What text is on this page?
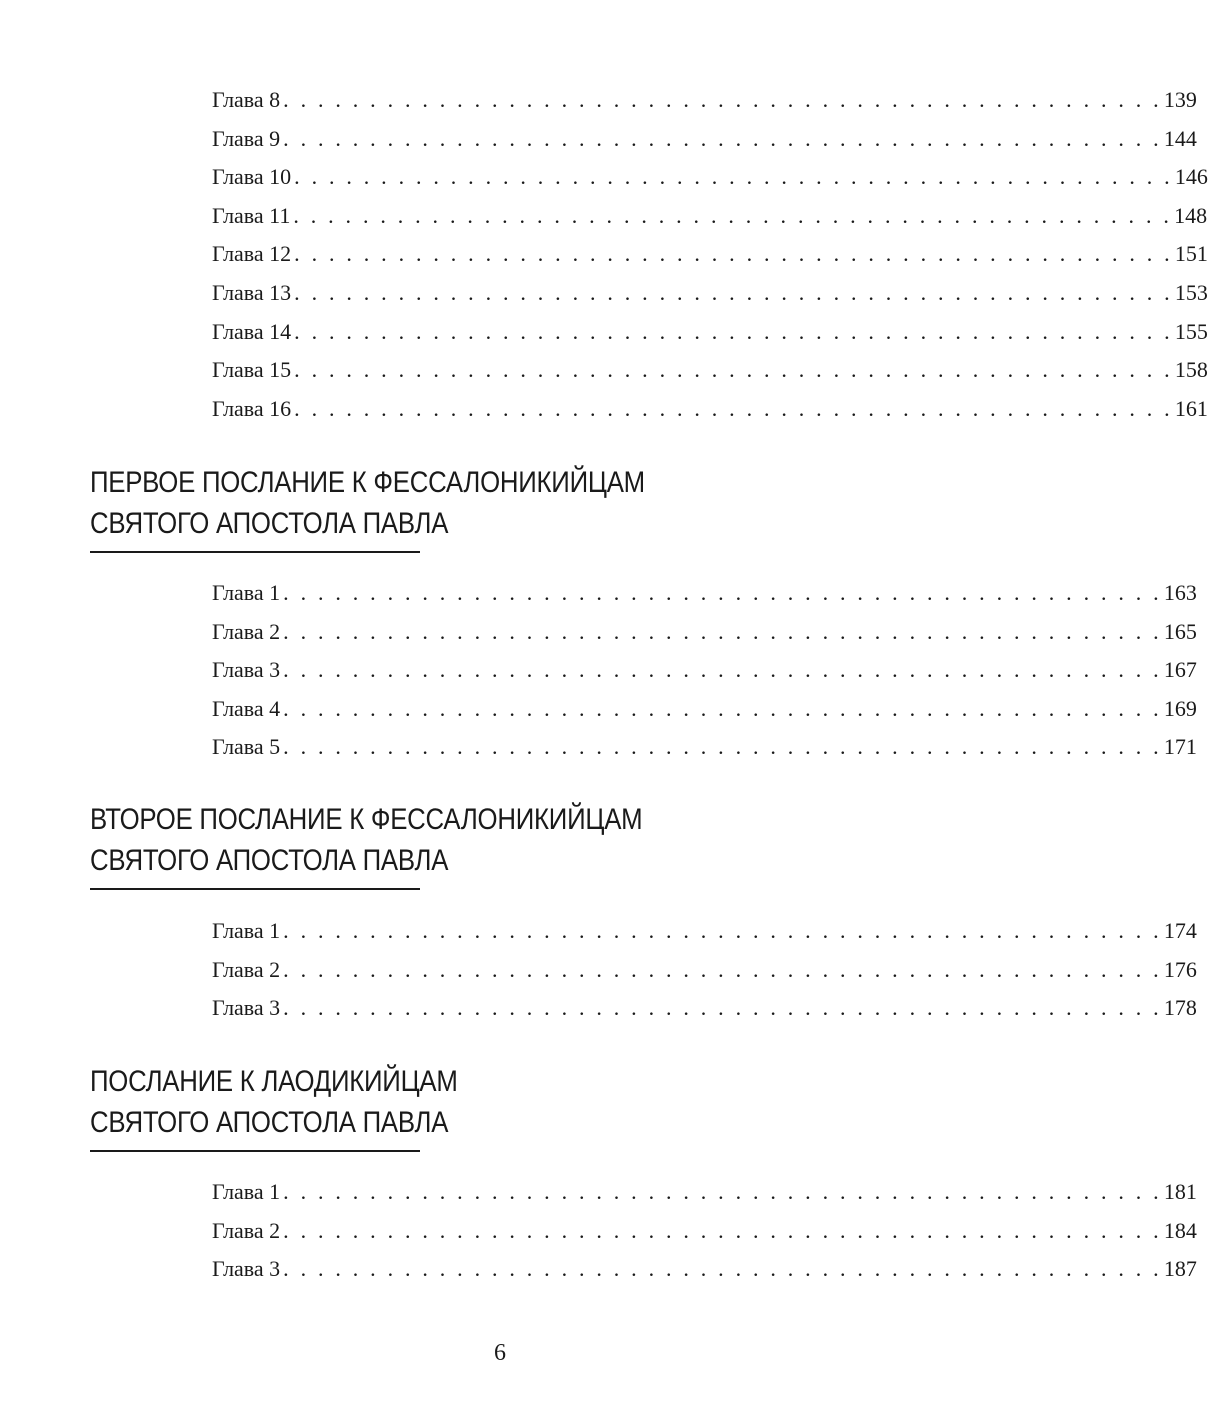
Глава 8 . . . . . . . . . . . . . . . . . . . . . . . . . . . . . . . . . . . . . . . . . . . . . . . . . . . 139
Глава 9 . . . . . . . . . . . . . . . . . . . . . . . . . . . . . . . . . . . . . . . . . . . . . . . . . . . 144
Глава 10 . . . . . . . . . . . . . . . . . . . . . . . . . . . . . . . . . . . . . . . . . . . . . . . . . . . 146
Глава 11 . . . . . . . . . . . . . . . . . . . . . . . . . . . . . . . . . . . . . . . . . . . . . . . . . . . 148
Глава 12 . . . . . . . . . . . . . . . . . . . . . . . . . . . . . . . . . . . . . . . . . . . . . . . . . . . 151
Глава 13 . . . . . . . . . . . . . . . . . . . . . . . . . . . . . . . . . . . . . . . . . . . . . . . . . . . 153
Глава 14 . . . . . . . . . . . . . . . . . . . . . . . . . . . . . . . . . . . . . . . . . . . . . . . . . . . 155
Глава 15 . . . . . . . . . . . . . . . . . . . . . . . . . . . . . . . . . . . . . . . . . . . . . . . . . . . 158
Глава 16 . . . . . . . . . . . . . . . . . . . . . . . . . . . . . . . . . . . . . . . . . . . . . . . . . . . 161
ПЕРВОЕ ПОСЛАНИЕ К ФЕССАЛОНИКИЙЦАМ
СВЯТОГО АПОСТОЛА ПАВЛА
Глава 1 . . . . . . . . . . . . . . . . . . . . . . . . . . . . . . . . . . . . . . . . . . . . . . . . . . . 163
Глава 2 . . . . . . . . . . . . . . . . . . . . . . . . . . . . . . . . . . . . . . . . . . . . . . . . . . . 165
Глава 3 . . . . . . . . . . . . . . . . . . . . . . . . . . . . . . . . . . . . . . . . . . . . . . . . . . . 167
Глава 4 . . . . . . . . . . . . . . . . . . . . . . . . . . . . . . . . . . . . . . . . . . . . . . . . . . . 169
Глава 5 . . . . . . . . . . . . . . . . . . . . . . . . . . . . . . . . . . . . . . . . . . . . . . . . . . . 171
ВТОРОЕ ПОСЛАНИЕ К ФЕССАЛОНИКИЙЦАМ
СВЯТОГО АПОСТОЛА ПАВЛА
Глава 1 . . . . . . . . . . . . . . . . . . . . . . . . . . . . . . . . . . . . . . . . . . . . . . . . . . . 174
Глава 2 . . . . . . . . . . . . . . . . . . . . . . . . . . . . . . . . . . . . . . . . . . . . . . . . . . . 176
Глава 3 . . . . . . . . . . . . . . . . . . . . . . . . . . . . . . . . . . . . . . . . . . . . . . . . . . . 178
ПОСЛАНИЕ К ЛАОДИКИЙЦАМ
СВЯТОГО АПОСТОЛА ПАВЛА
Глава 1 . . . . . . . . . . . . . . . . . . . . . . . . . . . . . . . . . . . . . . . . . . . . . . . . . . . 181
Глава 2 . . . . . . . . . . . . . . . . . . . . . . . . . . . . . . . . . . . . . . . . . . . . . . . . . . . 184
Глава 3 . . . . . . . . . . . . . . . . . . . . . . . . . . . . . . . . . . . . . . . . . . . . . . . . . . . 187
6
